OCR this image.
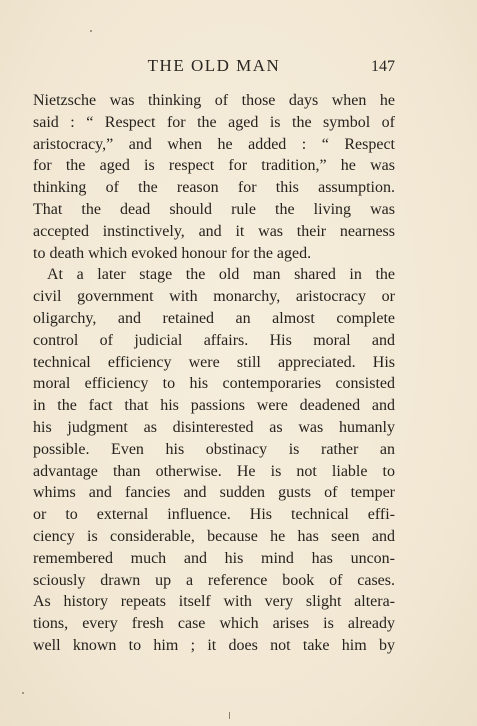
THE OLD MAN	147
Nietzsche was thinking of those days when he
said : “ Respect for the aged is the symbol of
aristocracy,” and when he added : “ Respect
for the aged is respect for tradition,” he was
thinking of the reason for this assumption.
That the dead should rule the living was
accepted instinctively, and it was their nearness
to death which evoked honour for the aged.
At a later stage the old man shared in the
civil government with monarchy, aristocracy or
oligarchy, and retained an almost complete
control of judicial affairs. His moral and
technical efficiency were still appreciated. His
moral efficiency to his contemporaries consisted
in the fact that his passions were deadened and
his judgment as disinterested as was humanly
possible. Even his obstinacy is rather an
advantage than otherwise. He is not liable to
whims and fancies and sudden gusts of temper
or to external influence. His technical effi-
ciency is considerable, because he has seen and
remembered much and his mind has uncon-
sciously drawn up a reference book of cases.
As history repeats itself with very slight altera-
tions, every fresh case which arises is already
well known to him ; it does not take him by
